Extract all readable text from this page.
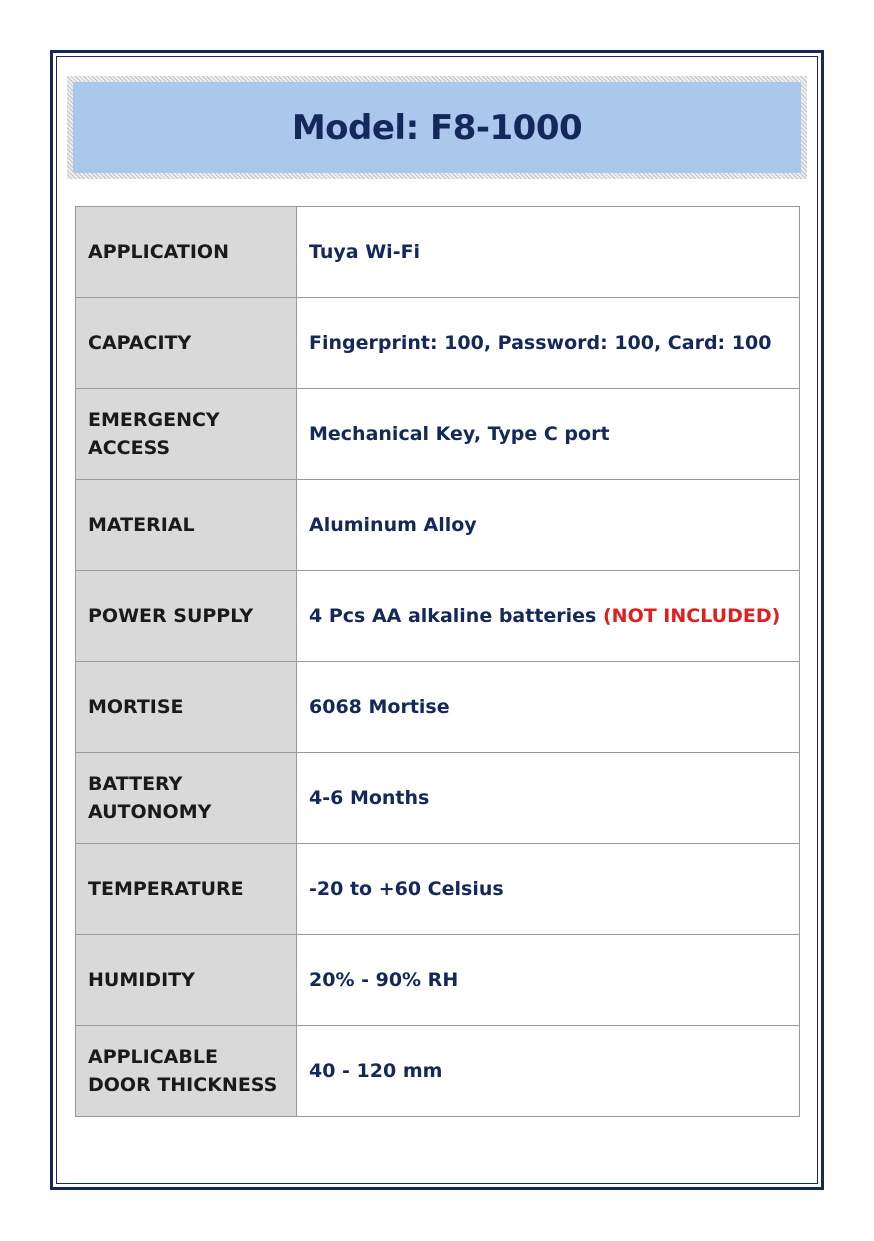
Model: F8-1000
APPLICATION	Tuya Wi-Fi
CAPACITY	Fingerprint: 100, Password: 100, Card: 100
EMERGENCY
ACCESS	Mechanical Key, Type C port
MATERIAL	Aluminum Alloy
POWER SUPPLY	4 Pcs AA alkaline batteries (NOT INCLUDED)
MORTISE	6068 Mortise
BATTERY
AUTONOMY	4-6 Months
TEMPERATURE	-20 to +60 Celsius
HUMIDITY	20% - 90% RH
APPLICABLE
DOOR THICKNESS	40 - 120 mm
